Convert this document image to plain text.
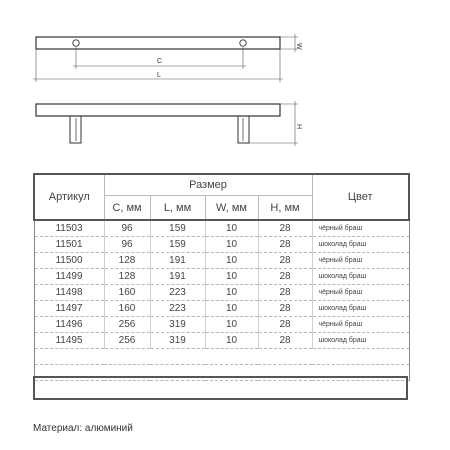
W
C
L
H
Артикул	Размер				Цвет
	C, мм	L, мм	W, мм	H, мм	
11503	96	159	10	28	чёрный браш
11501	96	159	10	28	шоколад браш
11500	128	191	10	28	чёрный браш
11499	128	191	10	28	шоколад браш
11498	160	223	10	28	чёрный браш
11497	160	223	10	28	шоколад браш
11496	256	319	10	28	чёрный браш
11495	256	319	10	28	шоколад браш

Материал: алюминий
